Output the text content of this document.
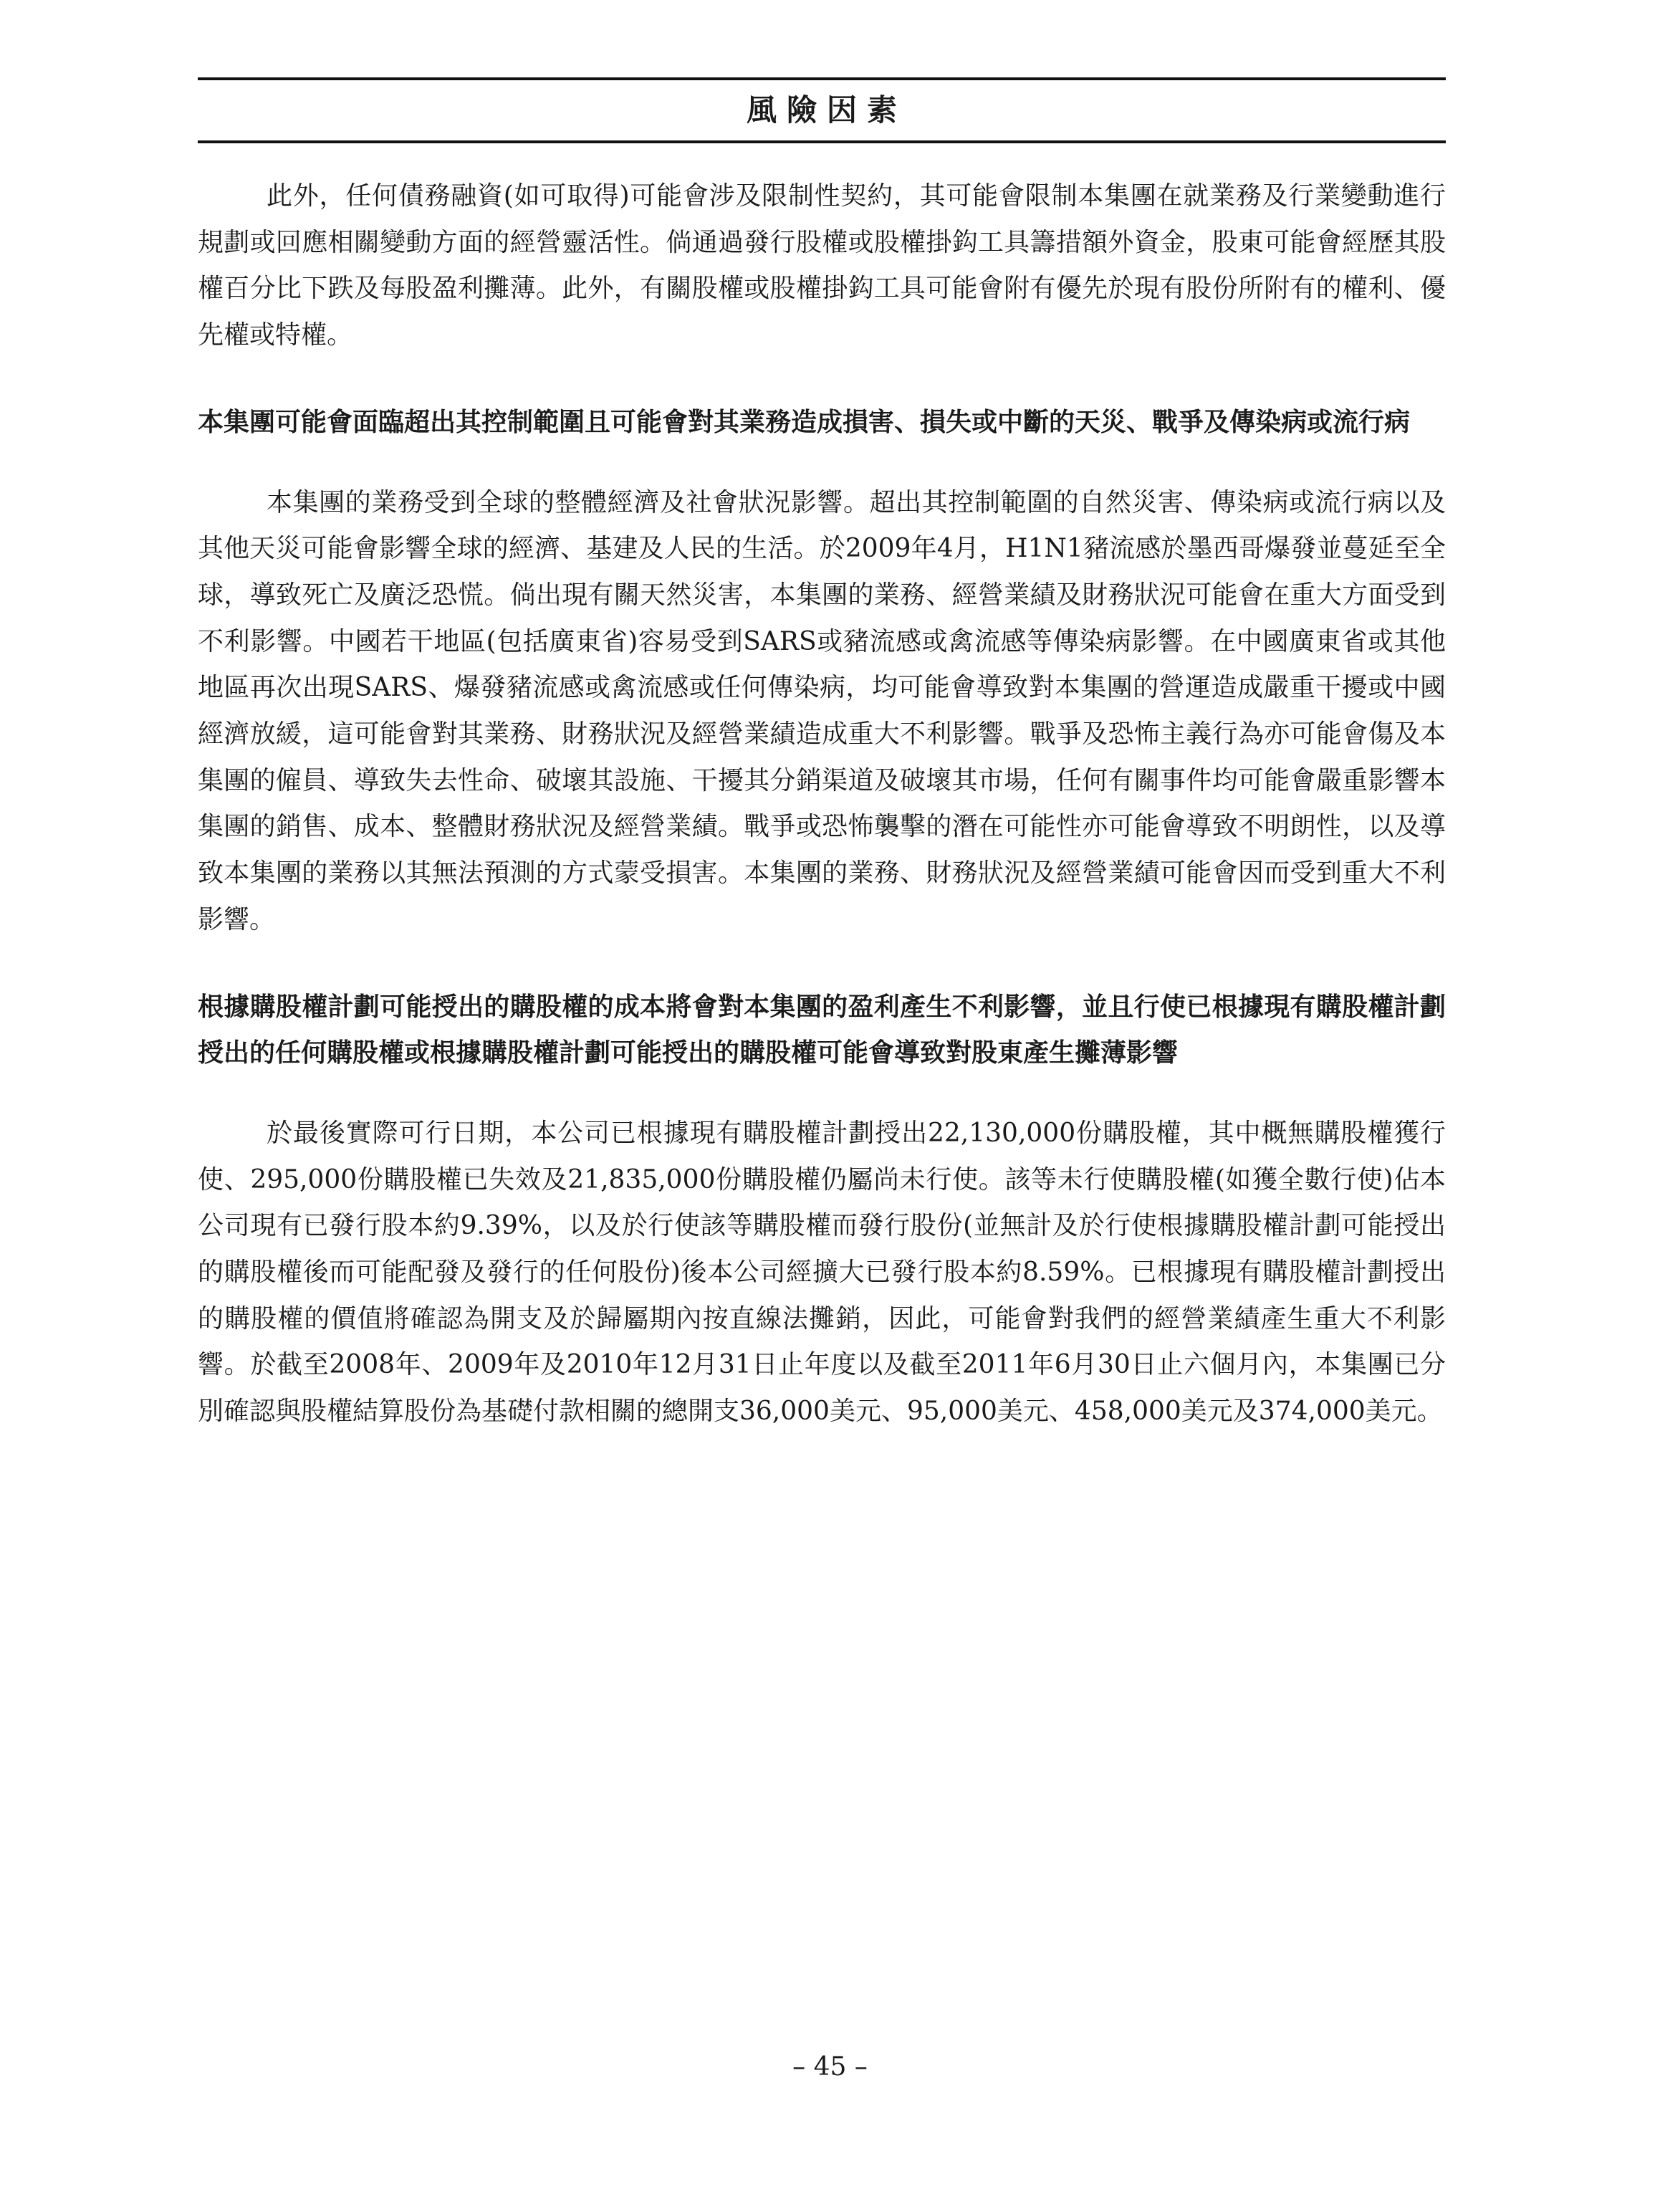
風險因素

此外，任何債務融資(如可取得)可能會涉及限制性契約，其可能會限制本集團在就業務及行業變動進行規劃或回應相關變動方面的經營靈活性。倘通過發行股權或股權掛鈎工具籌措額外資金，股東可能會經歷其股權百分比下跌及每股盈利攤薄。此外，有關股權或股權掛鈎工具可能會附有優先於現有股份所附有的權利、優先權或特權。

本集團可能會面臨超出其控制範圍且可能會對其業務造成損害、損失或中斷的天災、戰爭及傳染病或流行病

本集團的業務受到全球的整體經濟及社會狀況影響。超出其控制範圍的自然災害、傳染病或流行病以及其他天災可能會影響全球的經濟、基建及人民的生活。於2009年4月，H1N1豬流感於墨西哥爆發並蔓延至全球，導致死亡及廣泛恐慌。倘出現有關天然災害，本集團的業務、經營業績及財務狀況可能會在重大方面受到不利影響。中國若干地區(包括廣東省)容易受到SARS或豬流感或禽流感等傳染病影響。在中國廣東省或其他地區再次出現SARS、爆發豬流感或禽流感或任何傳染病，均可能會導致對本集團的營運造成嚴重干擾或中國經濟放緩，這可能會對其業務、財務狀況及經營業績造成重大不利影響。戰爭及恐怖主義行為亦可能會傷及本集團的僱員、導致失去性命、破壞其設施、干擾其分銷渠道及破壞其市場，任何有關事件均可能會嚴重影響本集團的銷售、成本、整體財務狀況及經營業績。戰爭或恐怖襲擊的潛在可能性亦可能會導致不明朗性，以及導致本集團的業務以其無法預測的方式蒙受損害。本集團的業務、財務狀況及經營業績可能會因而受到重大不利影響。

根據購股權計劃可能授出的購股權的成本將會對本集團的盈利產生不利影響，並且行使已根據現有購股權計劃授出的任何購股權或根據購股權計劃可能授出的購股權可能會導致對股東產生攤薄影響

於最後實際可行日期，本公司已根據現有購股權計劃授出22,130,000份購股權，其中概無購股權獲行使、295,000份購股權已失效及21,835,000份購股權仍屬尚未行使。該等未行使購股權(如獲全數行使)佔本公司現有已發行股本約9.39%，以及於行使該等購股權而發行股份(並無計及於行使根據購股權計劃可能授出的購股權後而可能配發及發行的任何股份)後本公司經擴大已發行股本約8.59%。已根據現有購股權計劃授出的購股權的價值將確認為開支及於歸屬期內按直線法攤銷，因此，可能會對我們的經營業績產生重大不利影響。於截至2008年、2009年及2010年12月31日止年度以及截至2011年6月30日止六個月內，本集團已分別確認與股權結算股份為基礎付款相關的總開支36,000美元、95,000美元、458,000美元及374,000美元。

– 45 –
